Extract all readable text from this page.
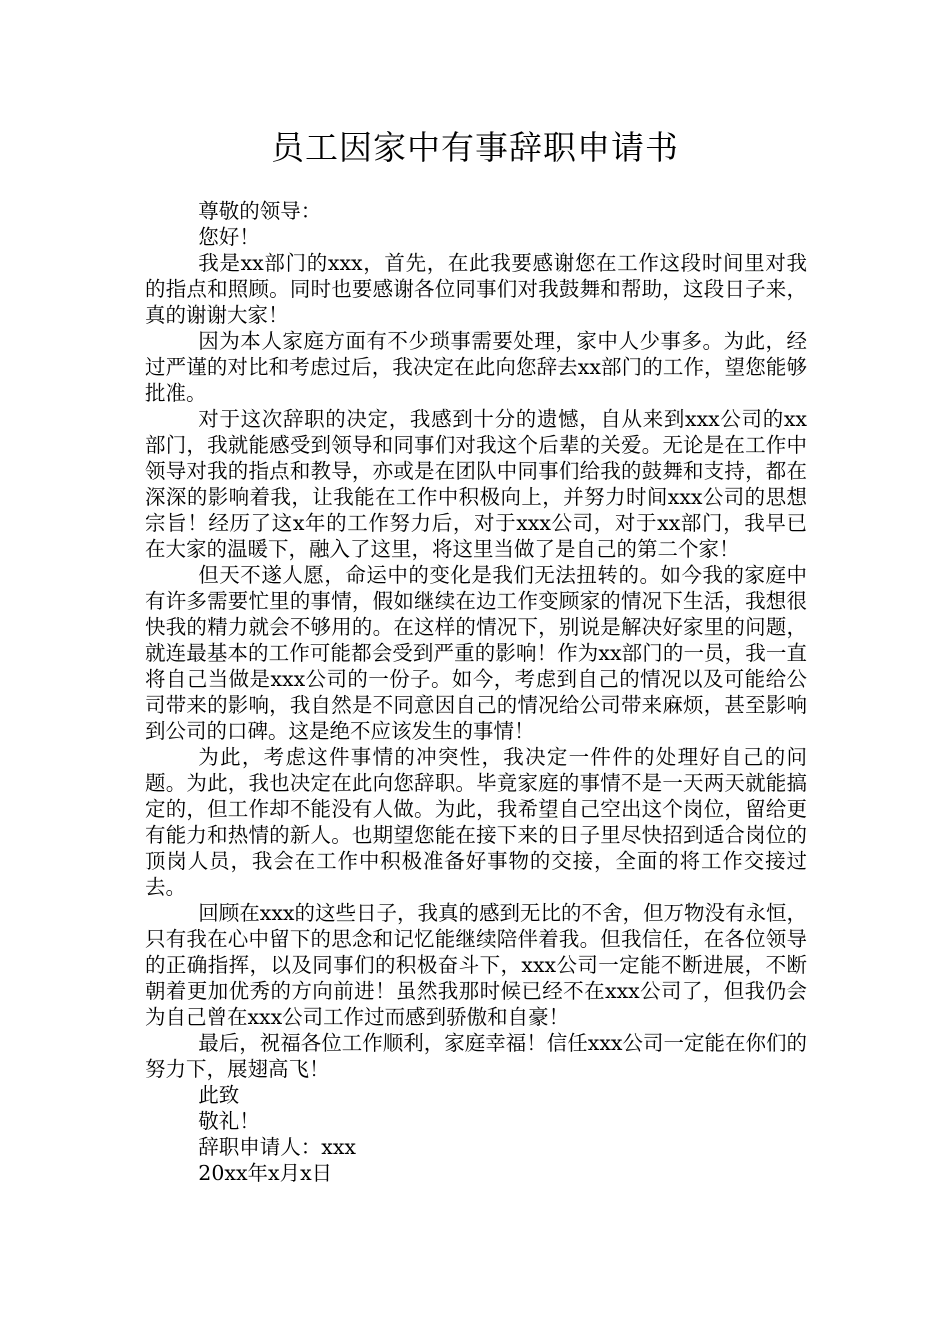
员工因家中有事辞职申请书

尊敬的领导：

您好！

我是xx部门的xxx，首先，在此我要感谢您在工作这段时间里对我的指点和照顾。同时也要感谢各位同事们对我鼓舞和帮助，这段日子来，真的谢谢大家！

因为本人家庭方面有不少琐事需要处理，家中人少事多。为此，经过严谨的对比和考虑过后，我决定在此向您辞去xx部门的工作，望您能够批准。

对于这次辞职的决定，我感到十分的遗憾，自从来到xxx公司的xx部门，我就能感受到领导和同事们对我这个后辈的关爱。无论是在工作中领导对我的指点和教导，亦或是在团队中同事们给我的鼓舞和支持，都在深深的影响着我，让我能在工作中积极向上，并努力时间xxx公司的思想宗旨！经历了这x年的工作努力后，对于xxx公司，对于xx部门，我早已在大家的温暖下，融入了这里，将这里当做了是自己的第二个家！

但天不遂人愿，命运中的变化是我们无法扭转的。如今我的家庭中有许多需要忙里的事情，假如继续在边工作变顾家的情况下生活，我想很快我的精力就会不够用的。在这样的情况下，别说是解决好家里的问题，就连最基本的工作可能都会受到严重的影响！作为xx部门的一员，我一直将自己当做是xxx公司的一份子。如今，考虑到自己的情况以及可能给公司带来的影响，我自然是不同意因自己的情况给公司带来麻烦，甚至影响到公司的口碑。这是绝不应该发生的事情！

为此，考虑这件事情的冲突性，我决定一件件的处理好自己的问题。为此，我也决定在此向您辞职。毕竟家庭的事情不是一天两天就能搞定的，但工作却不能没有人做。为此，我希望自己空出这个岗位，留给更有能力和热情的新人。也期望您能在接下来的日子里尽快招到适合岗位的顶岗人员，我会在工作中积极准备好事物的交接，全面的将工作交接过去。

回顾在xxx的这些日子，我真的感到无比的不舍，但万物没有永恒，只有我在心中留下的思念和记忆能继续陪伴着我。但我信任，在各位领导的正确指挥，以及同事们的积极奋斗下，xxx公司一定能不断进展，不断朝着更加优秀的方向前进！虽然我那时候已经不在xxx公司了，但我仍会为自己曾在xxx公司工作过而感到骄傲和自豪！

最后，祝福各位工作顺利，家庭幸福！信任xxx公司一定能在你们的努力下，展翅高飞！

此致

敬礼！

辞职申请人：xxx

20xx年x月x日
